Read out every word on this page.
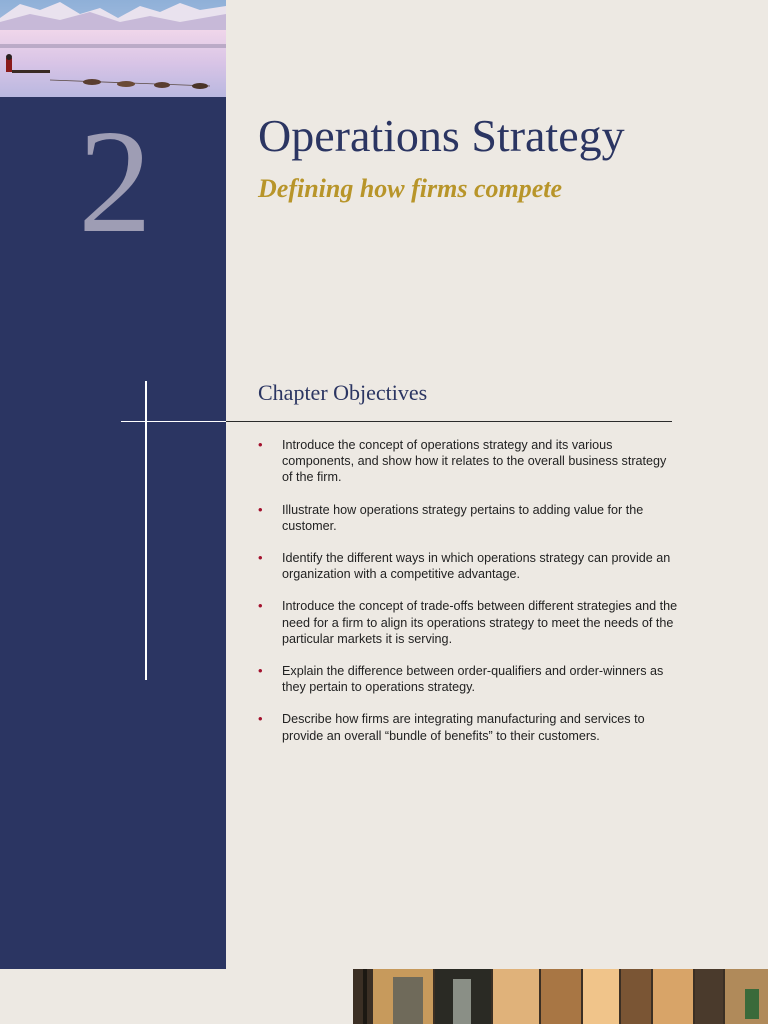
2 Operations Strategy
Defining how firms compete
Chapter Objectives
• Introduce the concept of operations strategy and its various components, and show how it relates to the overall business strategy of the firm.
• Illustrate how operations strategy pertains to adding value for the customer.
• Identify the different ways in which operations strategy can provide an organization with a competitive advantage.
• Introduce the concept of trade-offs between different strategies and the need for a firm to align its operations strategy to meet the needs of the particular markets it is serving.
• Explain the difference between order-qualifiers and order-winners as they pertain to operations strategy.
• Describe how firms are integrating manufacturing and services to provide an overall “bundle of benefits” to their customers.
